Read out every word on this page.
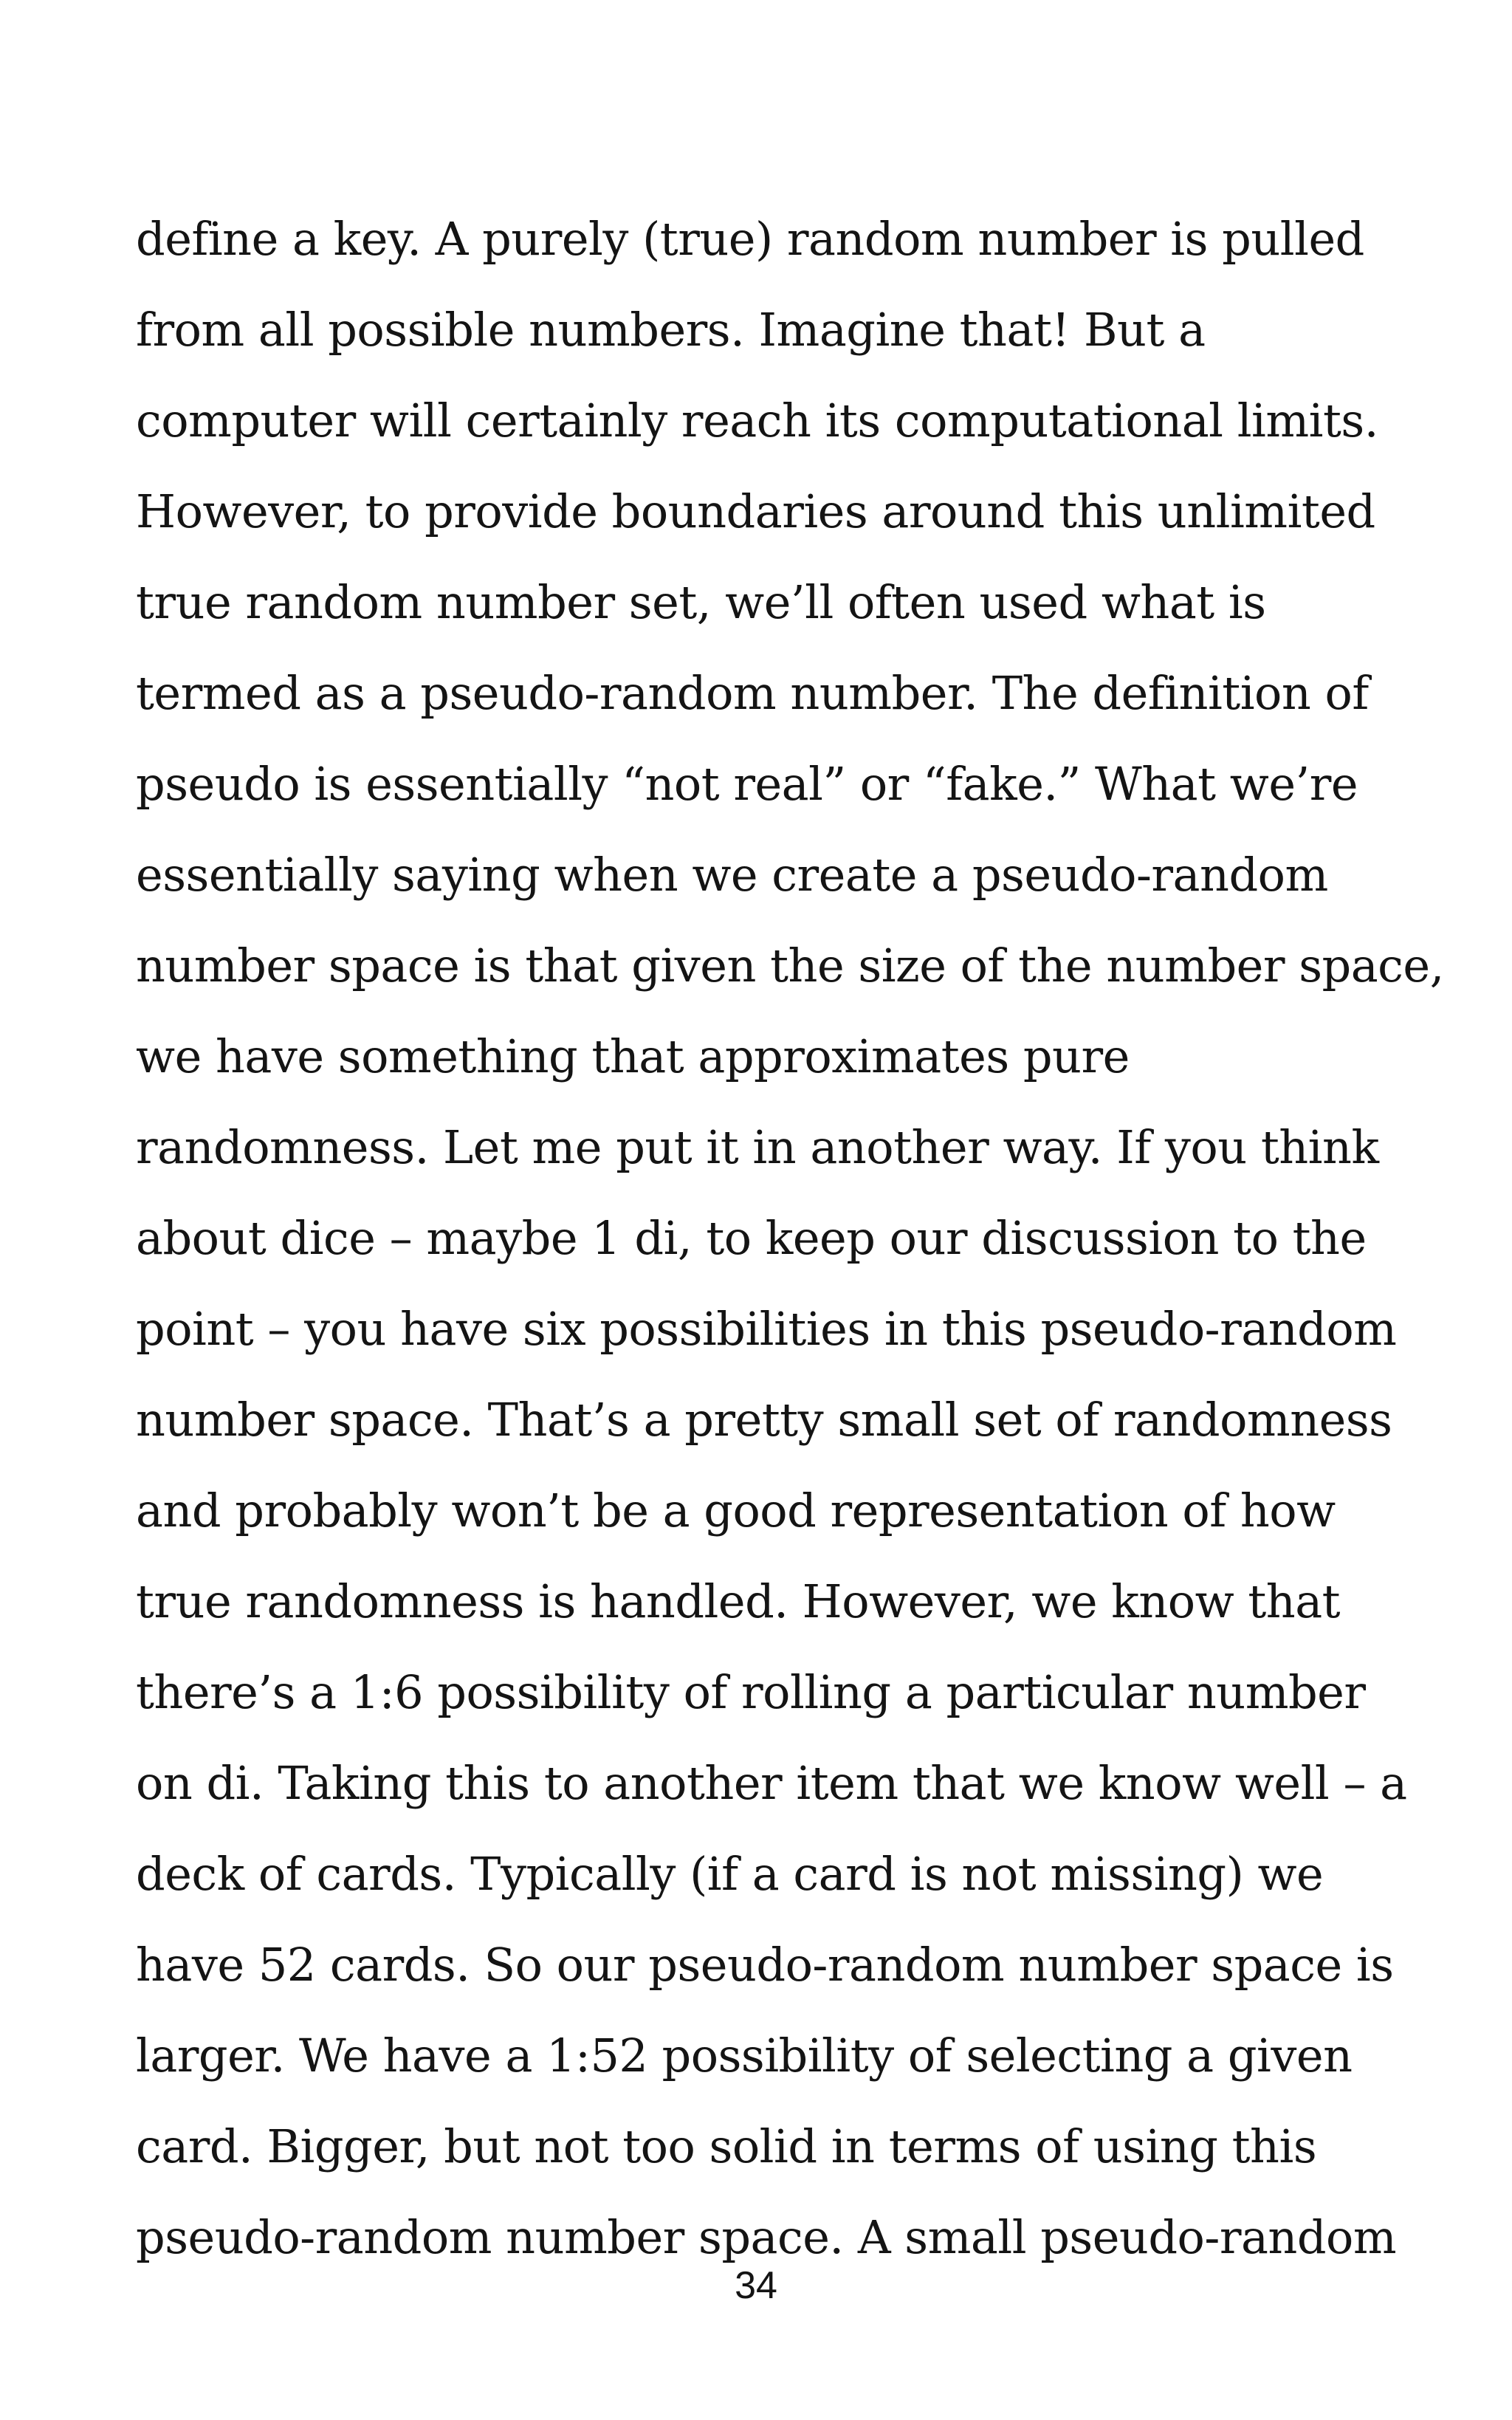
define a key. A purely (true) random number is pulled
from all possible numbers. Imagine that! But a
computer will certainly reach its computational limits.
However, to provide boundaries around this unlimited
true random number set, we’ll often used what is
termed as a pseudo-random number. The definition of
pseudo is essentially “not real” or “fake.” What we’re
essentially saying when we create a pseudo-random
number space is that given the size of the number space,
we have something that approximates pure
randomness. Let me put it in another way. If you think
about dice – maybe 1 di, to keep our discussion to the
point – you have six possibilities in this pseudo-random
number space. That’s a pretty small set of randomness
and probably won’t be a good representation of how
true randomness is handled. However, we know that
there’s a 1:6 possibility of rolling a particular number
on di. Taking this to another item that we know well – a
deck of cards. Typically (if a card is not missing) we
have 52 cards. So our pseudo-random number space is
larger. We have a 1:52 possibility of selecting a given
card. Bigger, but not too solid in terms of using this
pseudo-random number space. A small pseudo-random
34
